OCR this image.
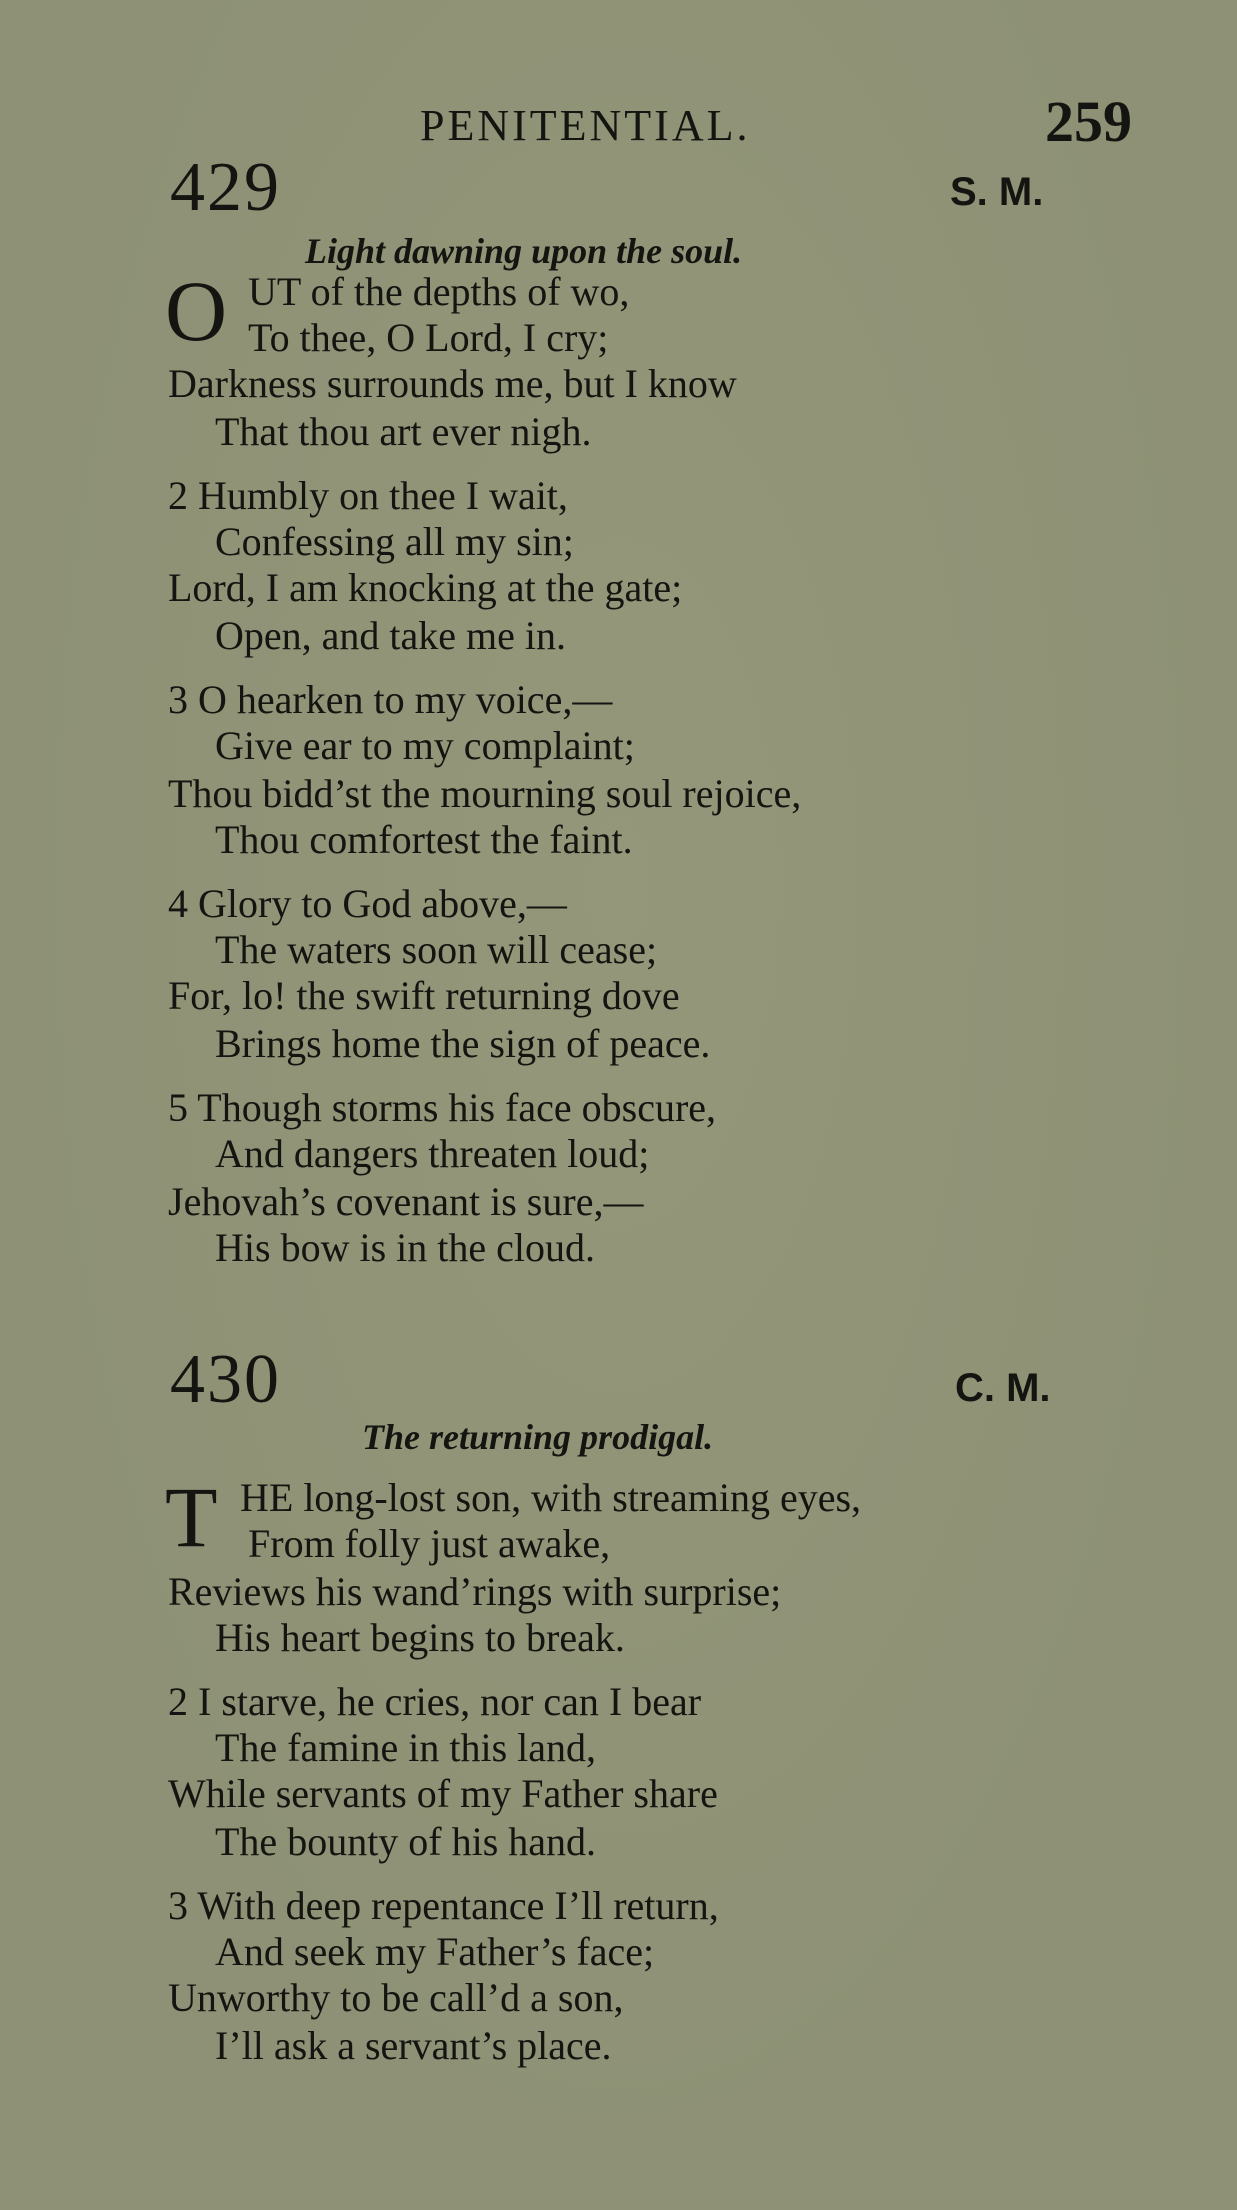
PENITENTIAL.	259
429	S. M.
Light dawning upon the soul.
O UT of the depths of wo,
To thee, O Lord, I cry;
Darkness surrounds me, but I know
That thou art ever nigh.
2 Humbly on thee I wait,
Confessing all my sin;
Lord, I am knocking at the gate;
Open, and take me in.
3 O hearken to my voice,—
Give ear to my complaint;
Thou bidd’st the mourning soul rejoice,
Thou comfortest the faint.
4 Glory to God above,—
The waters soon will cease;
For, lo! the swift returning dove
Brings home the sign of peace.
5 Though storms his face obscure,
And dangers threaten loud;
Jehovah’s covenant is sure,—
His bow is in the cloud.
430	C. M.
The returning prodigal.
T HE long-lost son, with streaming eyes,
From folly just awake,
Reviews his wand’rings with surprise;
His heart begins to break.
2 I starve, he cries, nor can I bear
The famine in this land,
While servants of my Father share
The bounty of his hand.
3 With deep repentance I’ll return,
And seek my Father’s face;
Unworthy to be call’d a son,
I’ll ask a servant’s place.
